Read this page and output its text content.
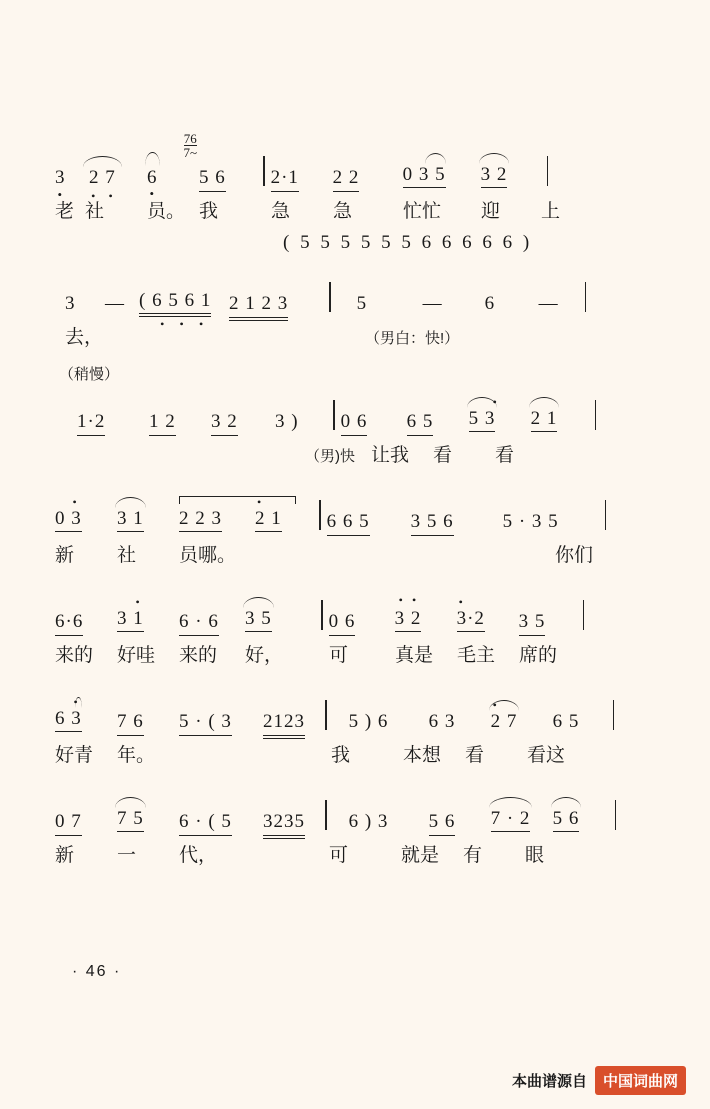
3 •	2 7
• •
6 •
$\frac{76}{7\sim}$
5 6	2·1	2 2	0 3 5	3 2
老 社	员。 我	急	急	忙忙	迎	上
( 5 5 5 5 5 5 6 6 6 6 6 )
3	— ( 6 5 6 1
• • •
2 1 2 3	5	—	6	—
去，	（男白：快!）
（稍慢）
1·2	1 2	3 2	3 )	0 6	6 5
•
5 3	2 1
（男)快 让我	看	看
•
0 3	3 1	2 2 3
•
2 1	6 6 5	3 5 6	5 · 3 5
新	社	员哪。	你们
6·6
•
3 1	6 · 6	3 5	0 6
• •
3 2
•
3·2	3 5
来的	好哇	来的	好，	可	真是	毛主	席的
•
6 3	7 6	5 · ( 3	2123	5 ) 6	6 3
•
2 7	6 5
好青	年。	我	本想	看	看这
0 7	7 5	6 · ( 5	3235	6 ) 3	5 6	7 · 2	5 6
新	一	代，	可	就是	有	眼
· 46 ·
本曲谱源自	中国词曲网
